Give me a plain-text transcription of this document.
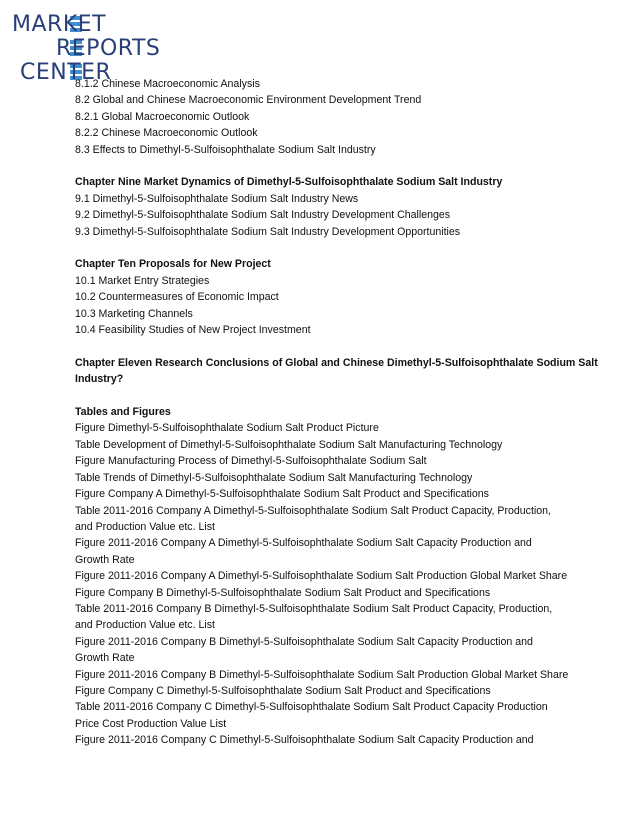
MARKET
REPORTS
CENTER
8.1.2 Chinese Macroeconomic Analysis
8.2 Global and Chinese Macroeconomic Environment Development Trend
8.2.1 Global Macroeconomic Outlook
8.2.2 Chinese Macroeconomic Outlook
8.3 Effects to Dimethyl-5-Sulfoisophthalate Sodium Salt Industry
Chapter Nine Market Dynamics of Dimethyl-5-Sulfoisophthalate Sodium Salt Industry
9.1 Dimethyl-5-Sulfoisophthalate Sodium Salt Industry News
9.2 Dimethyl-5-Sulfoisophthalate Sodium Salt Industry Development Challenges
9.3 Dimethyl-5-Sulfoisophthalate Sodium Salt Industry Development Opportunities
Chapter Ten Proposals for New Project
10.1 Market Entry Strategies
10.2 Countermeasures of Economic Impact
10.3 Marketing Channels
10.4 Feasibility Studies of New Project Investment
Chapter Eleven Research Conclusions of Global and Chinese Dimethyl-5-Sulfoisophthalate Sodium Salt
Industry?
Tables and Figures
Figure Dimethyl-5-Sulfoisophthalate Sodium Salt Product Picture
Table Development of Dimethyl-5-Sulfoisophthalate Sodium Salt Manufacturing Technology
Figure Manufacturing Process of Dimethyl-5-Sulfoisophthalate Sodium Salt
Table Trends of Dimethyl-5-Sulfoisophthalate Sodium Salt Manufacturing Technology
Figure Company A Dimethyl-5-Sulfoisophthalate Sodium Salt Product and Specifications
Table 2011-2016 Company A Dimethyl-5-Sulfoisophthalate Sodium Salt Product Capacity, Production,
and Production Value etc. List
Figure 2011-2016 Company A Dimethyl-5-Sulfoisophthalate Sodium Salt Capacity Production and
Growth Rate
Figure 2011-2016 Company A Dimethyl-5-Sulfoisophthalate Sodium Salt Production Global Market Share
Figure Company B Dimethyl-5-Sulfoisophthalate Sodium Salt Product and Specifications
Table 2011-2016 Company B Dimethyl-5-Sulfoisophthalate Sodium Salt Product Capacity, Production,
and Production Value etc. List
Figure 2011-2016 Company B Dimethyl-5-Sulfoisophthalate Sodium Salt Capacity Production and
Growth Rate
Figure 2011-2016 Company B Dimethyl-5-Sulfoisophthalate Sodium Salt Production Global Market Share
Figure Company C Dimethyl-5-Sulfoisophthalate Sodium Salt Product and Specifications
Table 2011-2016 Company C Dimethyl-5-Sulfoisophthalate Sodium Salt Product Capacity Production
Price Cost Production Value List
Figure 2011-2016 Company C Dimethyl-5-Sulfoisophthalate Sodium Salt Capacity Production and
